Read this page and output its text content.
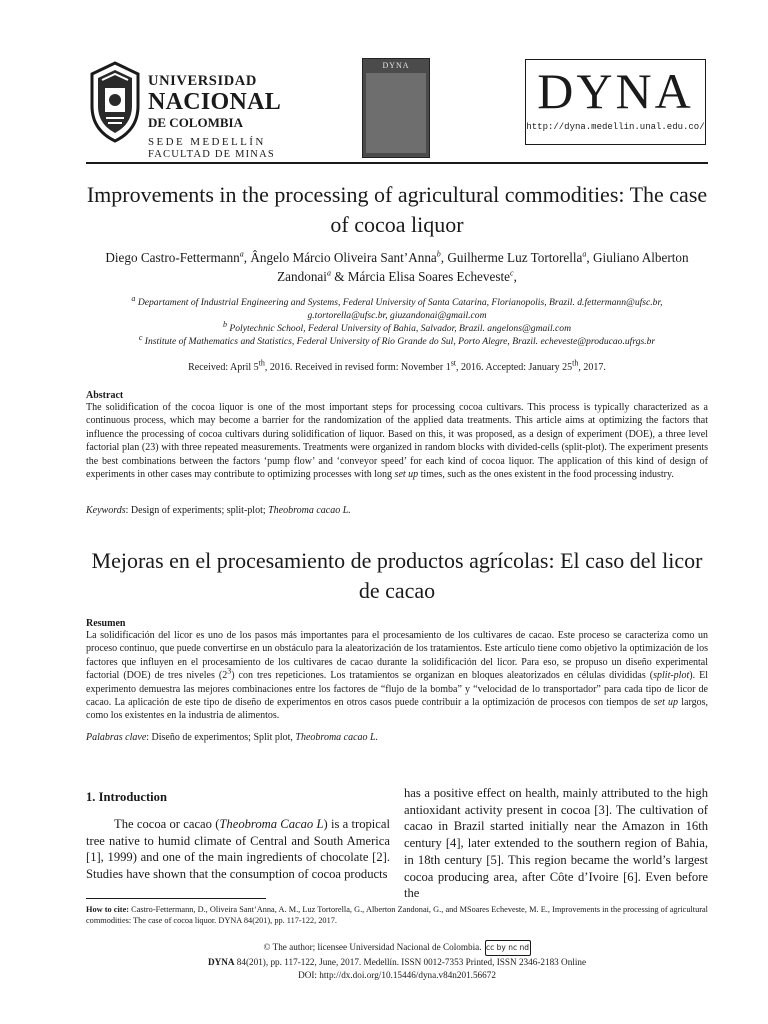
UNIVERSIDAD
NACIONAL
DE COLOMBIA
SEDE MEDELLÍN
FACULTAD DE MINAS
DYNA	DYNA
http://dyna.medellin.unal.edu.co/
Improvements in the processing of agricultural commodities: The case of cocoa liquor
Diego Castro-Fettermann$^a$, Ângelo Márcio Oliveira Sant’Anna$^b$, Guilherme Luz Tortorella$^a$, Giuliano Alberton Zandonai$^a$ & Márcia Elisa Soares Echeveste$^c$,
$^a$ Departament of Industrial Engineering and Systems, Federal University of Santa Catarina, Florianopolis, Brazil. d.fettermann@ufsc.br, g.tortorella@ufsc.br, giuzandonai@gmail.com
$^b$ Polytechnic School, Federal University of Bahia, Salvador, Brazil. angelons@gmail.com
$^c$ Institute of Mathematics and Statistics, Federal University of Rio Grande do Sul, Porto Alegre, Brazil. echeveste@producao.ufrgs.br
Received: April 5th, 2016. Received in revised form: November 1st, 2016. Accepted: January 25th, 2017.
Abstract
The solidification of the cocoa liquor is one of the most important steps for processing cocoa cultivars. This process is typically characterized as a continuous process, which may become a barrier for the randomization of the applied data treatments. This article aims at optimizing the factors that influence the processing of cocoa cultivars during solidification of liquor. Based on this, it was proposed, as a design of experiment (DOE), a three level factorial plan (23) with three repeated measurements. Treatments were organized in random blocks with divided-cells (split-plot). The experiment presents the best combinations between the factors ‘pump flow’ and ‘conveyor speed’ for each kind of cocoa liquor. The application of this kind of design of experiments in other cases may contribute to optimizing processes with long set up times, such as the ones existent in the food processing industry.
Keywords: Design of experiments; split-plot; Theobroma cacao L.
Mejoras en el procesamiento de productos agrícolas: El caso del licor de cacao
Resumen
La solidificación del licor es uno de los pasos más importantes para el procesamiento de los cultivares de cacao. Este proceso se caracteriza como un proceso continuo, que puede convertirse en un obstáculo para la aleatorización de los tratamientos. Este artículo tiene como objetivo la optimización de los factores que influyen en el procesamiento de los cultivares de cacao durante la solidificación del licor. Para eso, se propuso un diseño experimental factorial (DOE) de tres niveles $(2^3)$ con tres repeticiones. Los tratamientos se organizan en bloques aleatorizados en células divididas (split-plot). El experimento demuestra las mejores combinaciones entre los factores de “flujo de la bomba” y “velocidad de lo transportador” para cada tipo de licor de cacao. La aplicación de este tipo de diseño de experimentos en otros casos puede contribuir a la optimización de procesos con tiempos de set up largos, como los existentes en la industria de alimentos.
Palabras clave: Diseño de experimentos; Split plot, Theobroma cacao L.
1. Introduction
The cocoa or cacao (Theobroma Cacao L) is a tropical tree native to humid climate of Central and South America [1], 1999) and one of the main ingredients of chocolate [2]. Studies have shown that the consumption of cocoa products
has a positive effect on health, mainly attributed to the high antioxidant activity present in cocoa [3]. The cultivation of cacao in Brazil started initially near the Amazon in 16th century [4], later extended to the southern region of Bahia, in 18th century [5]. This region became the world’s largest cocoa producing area, after Côte d’Ivoire [6]. Even before the
How to cite: Castro-Fettermann, D., Oliveira Sant’Anna, A. M., Luz Tortorella, G., Alberton Zandonai, G., and MSoares Echeveste, M. E., Improvements in the processing of agricultural commodities: The case of cocoa liquor. DYNA 84(201), pp. 117-122, 2017.
© The author; licensee Universidad Nacional de Colombia. cc by nc nd
DYNA 84(201), pp. 117-122, June, 2017. Medellín. ISSN 0012-7353 Printed, ISSN 2346-2183 Online
DOI: http://dx.doi.org/10.15446/dyna.v84n201.56672
